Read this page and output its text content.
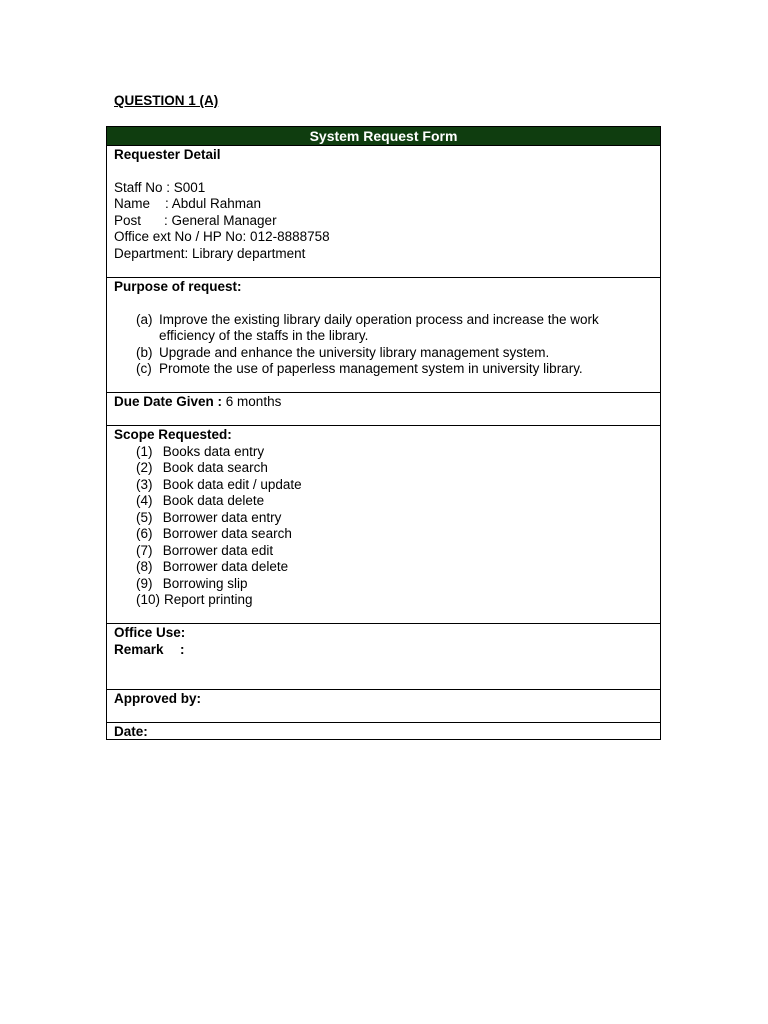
QUESTION 1 (A)

System Request Form
Requester Detail
Staff No : S001
Name	: Abdul Rahman
Post	: General Manager
Office ext No / HP No: 012-8888758
Department: Library department
Purpose of request:
(a) Improve the existing library daily operation process and increase the work efficiency of the staffs in the library.
(b) Upgrade and enhance the university library management system.
(c) Promote the use of paperless management system in university library.
Due Date Given : 6 months
Scope Requested:
(1) Books data entry
(2) Book data search
(3) Book data edit / update
(4) Book data delete
(5) Borrower data entry
(6) Borrower data search
(7) Borrower data edit
(8) Borrower data delete
(9) Borrowing slip
(10) Report printing
Office Use:
Remark :
Approved by:
Date:
